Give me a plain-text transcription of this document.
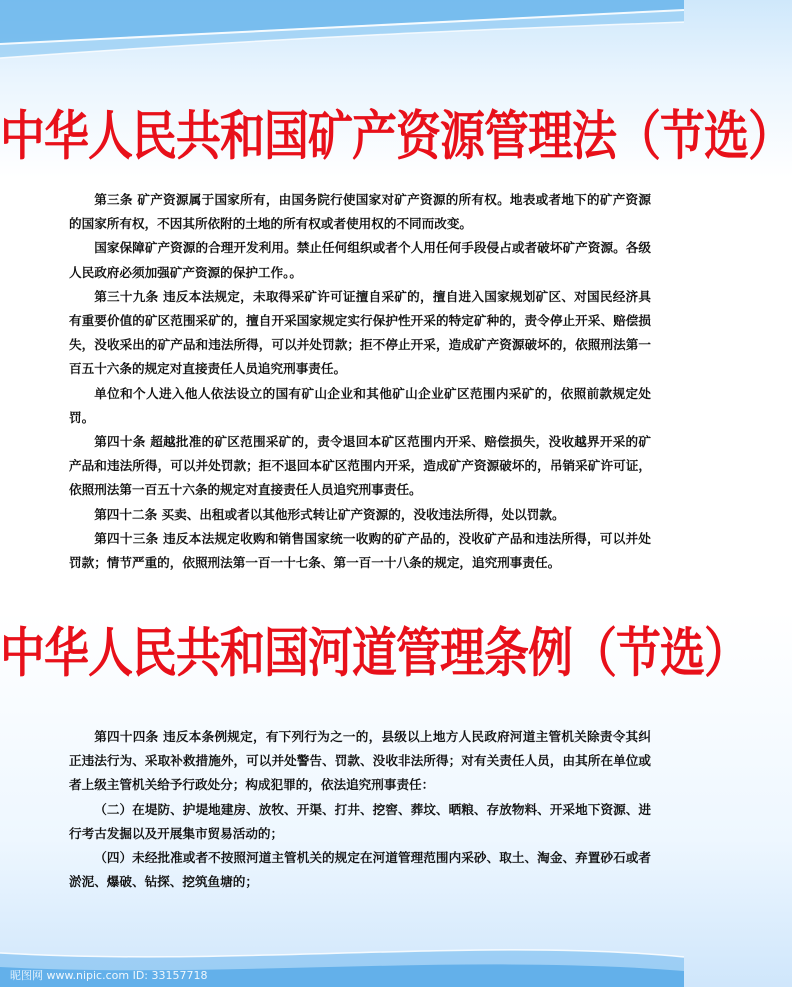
中华人民共和国矿产资源管理法（节选）

第三条 矿产资源属于国家所有，由国务院行使国家对矿产资源的所有权。地表或者地下的矿产资源的国家所有权，不因其所依附的土地的所有权或者使用权的不同而改变。

国家保障矿产资源的合理开发利用。禁止任何组织或者个人用任何手段侵占或者破坏矿产资源。各级人民政府必须加强矿产资源的保护工作。。

第三十九条 违反本法规定，未取得采矿许可证擅自采矿的，擅自进入国家规划矿区、对国民经济具有重要价值的矿区范围采矿的，擅自开采国家规定实行保护性开采的特定矿种的，责令停止开采、赔偿损失，没收采出的矿产品和违法所得，可以并处罚款；拒不停止开采，造成矿产资源破坏的，依照刑法第一百五十六条的规定对直接责任人员追究刑事责任。

单位和个人进入他人依法设立的国有矿山企业和其他矿山企业矿区范围内采矿的，依照前款规定处罚。

第四十条 超越批准的矿区范围采矿的，责令退回本矿区范围内开采、赔偿损失，没收越界开采的矿产品和违法所得，可以并处罚款；拒不退回本矿区范围内开采，造成矿产资源破坏的，吊销采矿许可证，依照刑法第一百五十六条的规定对直接责任人员追究刑事责任。

第四十二条 买卖、出租或者以其他形式转让矿产资源的，没收违法所得，处以罚款。

第四十三条 违反本法规定收购和销售国家统一收购的矿产品的，没收矿产品和违法所得，可以并处罚款；情节严重的，依照刑法第一百一十七条、第一百一十八条的规定，追究刑事责任。

中华人民共和国河道管理条例（节选）

第四十四条 违反本条例规定，有下列行为之一的，县级以上地方人民政府河道主管机关除责令其纠正违法行为、采取补救措施外，可以并处警告、罚款、没收非法所得；对有关责任人员，由其所在单位或者上级主管机关给予行政处分；构成犯罪的，依法追究刑事责任：

（二）在堤防、护堤地建房、放牧、开渠、打井、挖窖、葬坟、晒粮、存放物料、开采地下资源、进行考古发掘以及开展集市贸易活动的；

（四）未经批准或者不按照河道主管机关的规定在河道管理范围内采砂、取土、淘金、弃置砂石或者淤泥、爆破、钻探、挖筑鱼塘的；

昵图网 www.nipic.com ID: 33157718
